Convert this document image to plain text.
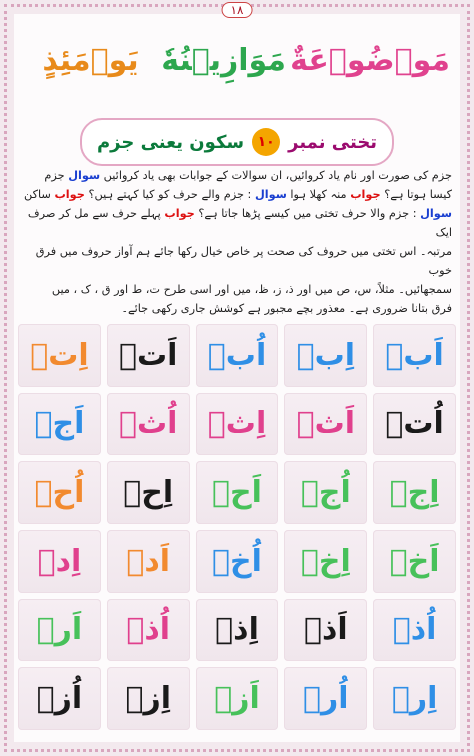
١٨
مَوۡضُوۡعَةٌ
مَوَازِیۡنُهٗ
یَوۡمَئِذٍ
تختی نمبر
۱۰
سکون یعنی جزم
جزم کی صورت اور نام یاد کروائیں، ان سوالات کے جوابات بھی یاد کروائیں سوال جزم
کیسا ہوتا ہے؟ جواب منہ کھلا ہوا سوال : جزم والے حرف کو کیا کہتے ہیں؟ جواب ساکن
سوال : جزم والا حرف تختی میں کیسے پڑھا جاتا ہے؟ جواب پہلے حرف سے مل کر صرف ایک
مرتبہ۔ اس تختی میں حروف کی صحت پر خاص خیال رکھا جائے ہم آواز حروف میں فرق خوب
سمجھائیں۔ مثلاً، س، ص میں اور ذ، ز، ظ، میں اور اسی طرح ت، ط اور ق ، ک ، میں
فرق بتانا ضروری ہے۔ معذور بچے مجبور ہے کوشش جاری رکھی جائے۔
اَبۡ
اِبۡ
اُبۡ
اَتۡ
اِتۡ
اُتۡ
اَثۡ
اِثۡ
اُثۡ
اَجۡ
اِجۡ
اُجۡ
اَحۡ
اِحۡ
اُحۡ
اَخۡ
اِخۡ
اُخۡ
اَدۡ
اِدۡ
اُذۡ
اَذۡ
اِذۡ
اُذۡ
اَرۡ
اِرۡ
اُرۡ
اَزۡ
اِزۡ
اُزۡ
